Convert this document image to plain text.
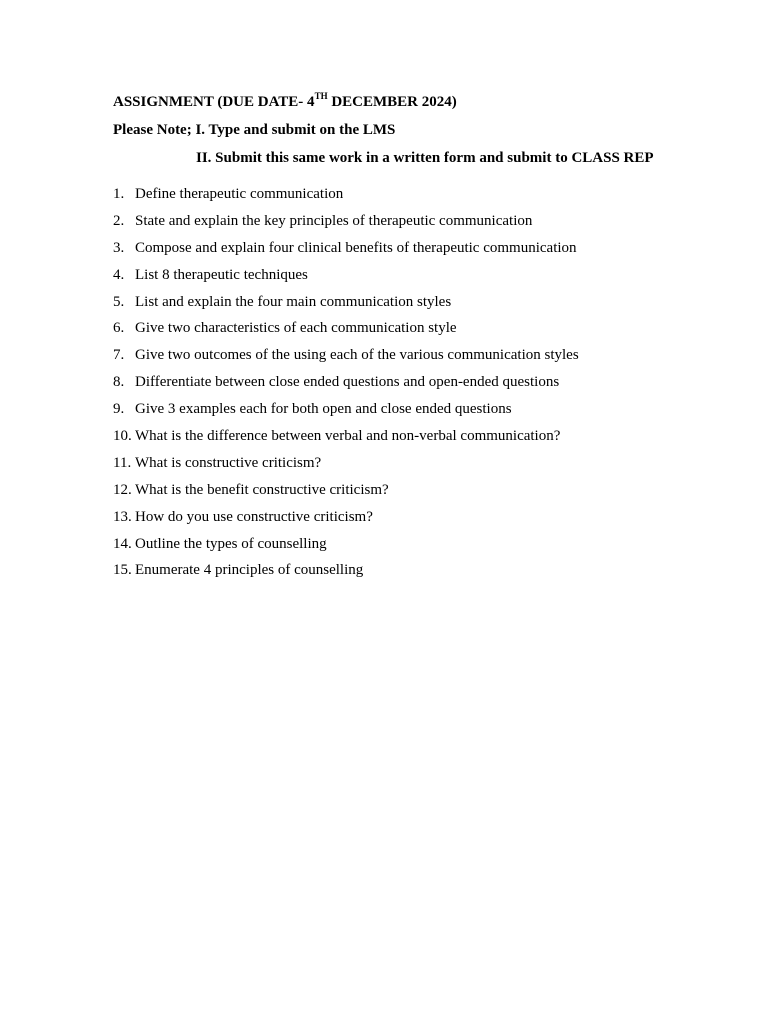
ASSIGNMENT (DUE DATE- 4TH DECEMBER 2024)
Please Note; I. Type and submit on the LMS
II. Submit this same work in a written form and submit to CLASS REP
1. Define therapeutic communication
2. State and explain the key principles of therapeutic communication
3. Compose and explain four clinical benefits of therapeutic communication
4. List 8 therapeutic techniques
5. List and explain the four main communication styles
6. Give two characteristics of each communication style
7. Give two outcomes of the using each of the various communication styles
8. Differentiate between close ended questions and open-ended questions
9. Give 3 examples each for both open and close ended questions
10. What is the difference between verbal and non-verbal communication?
11. What is constructive criticism?
12. What is the benefit constructive criticism?
13. How do you use constructive criticism?
14. Outline the types of counselling
15. Enumerate 4 principles of counselling
